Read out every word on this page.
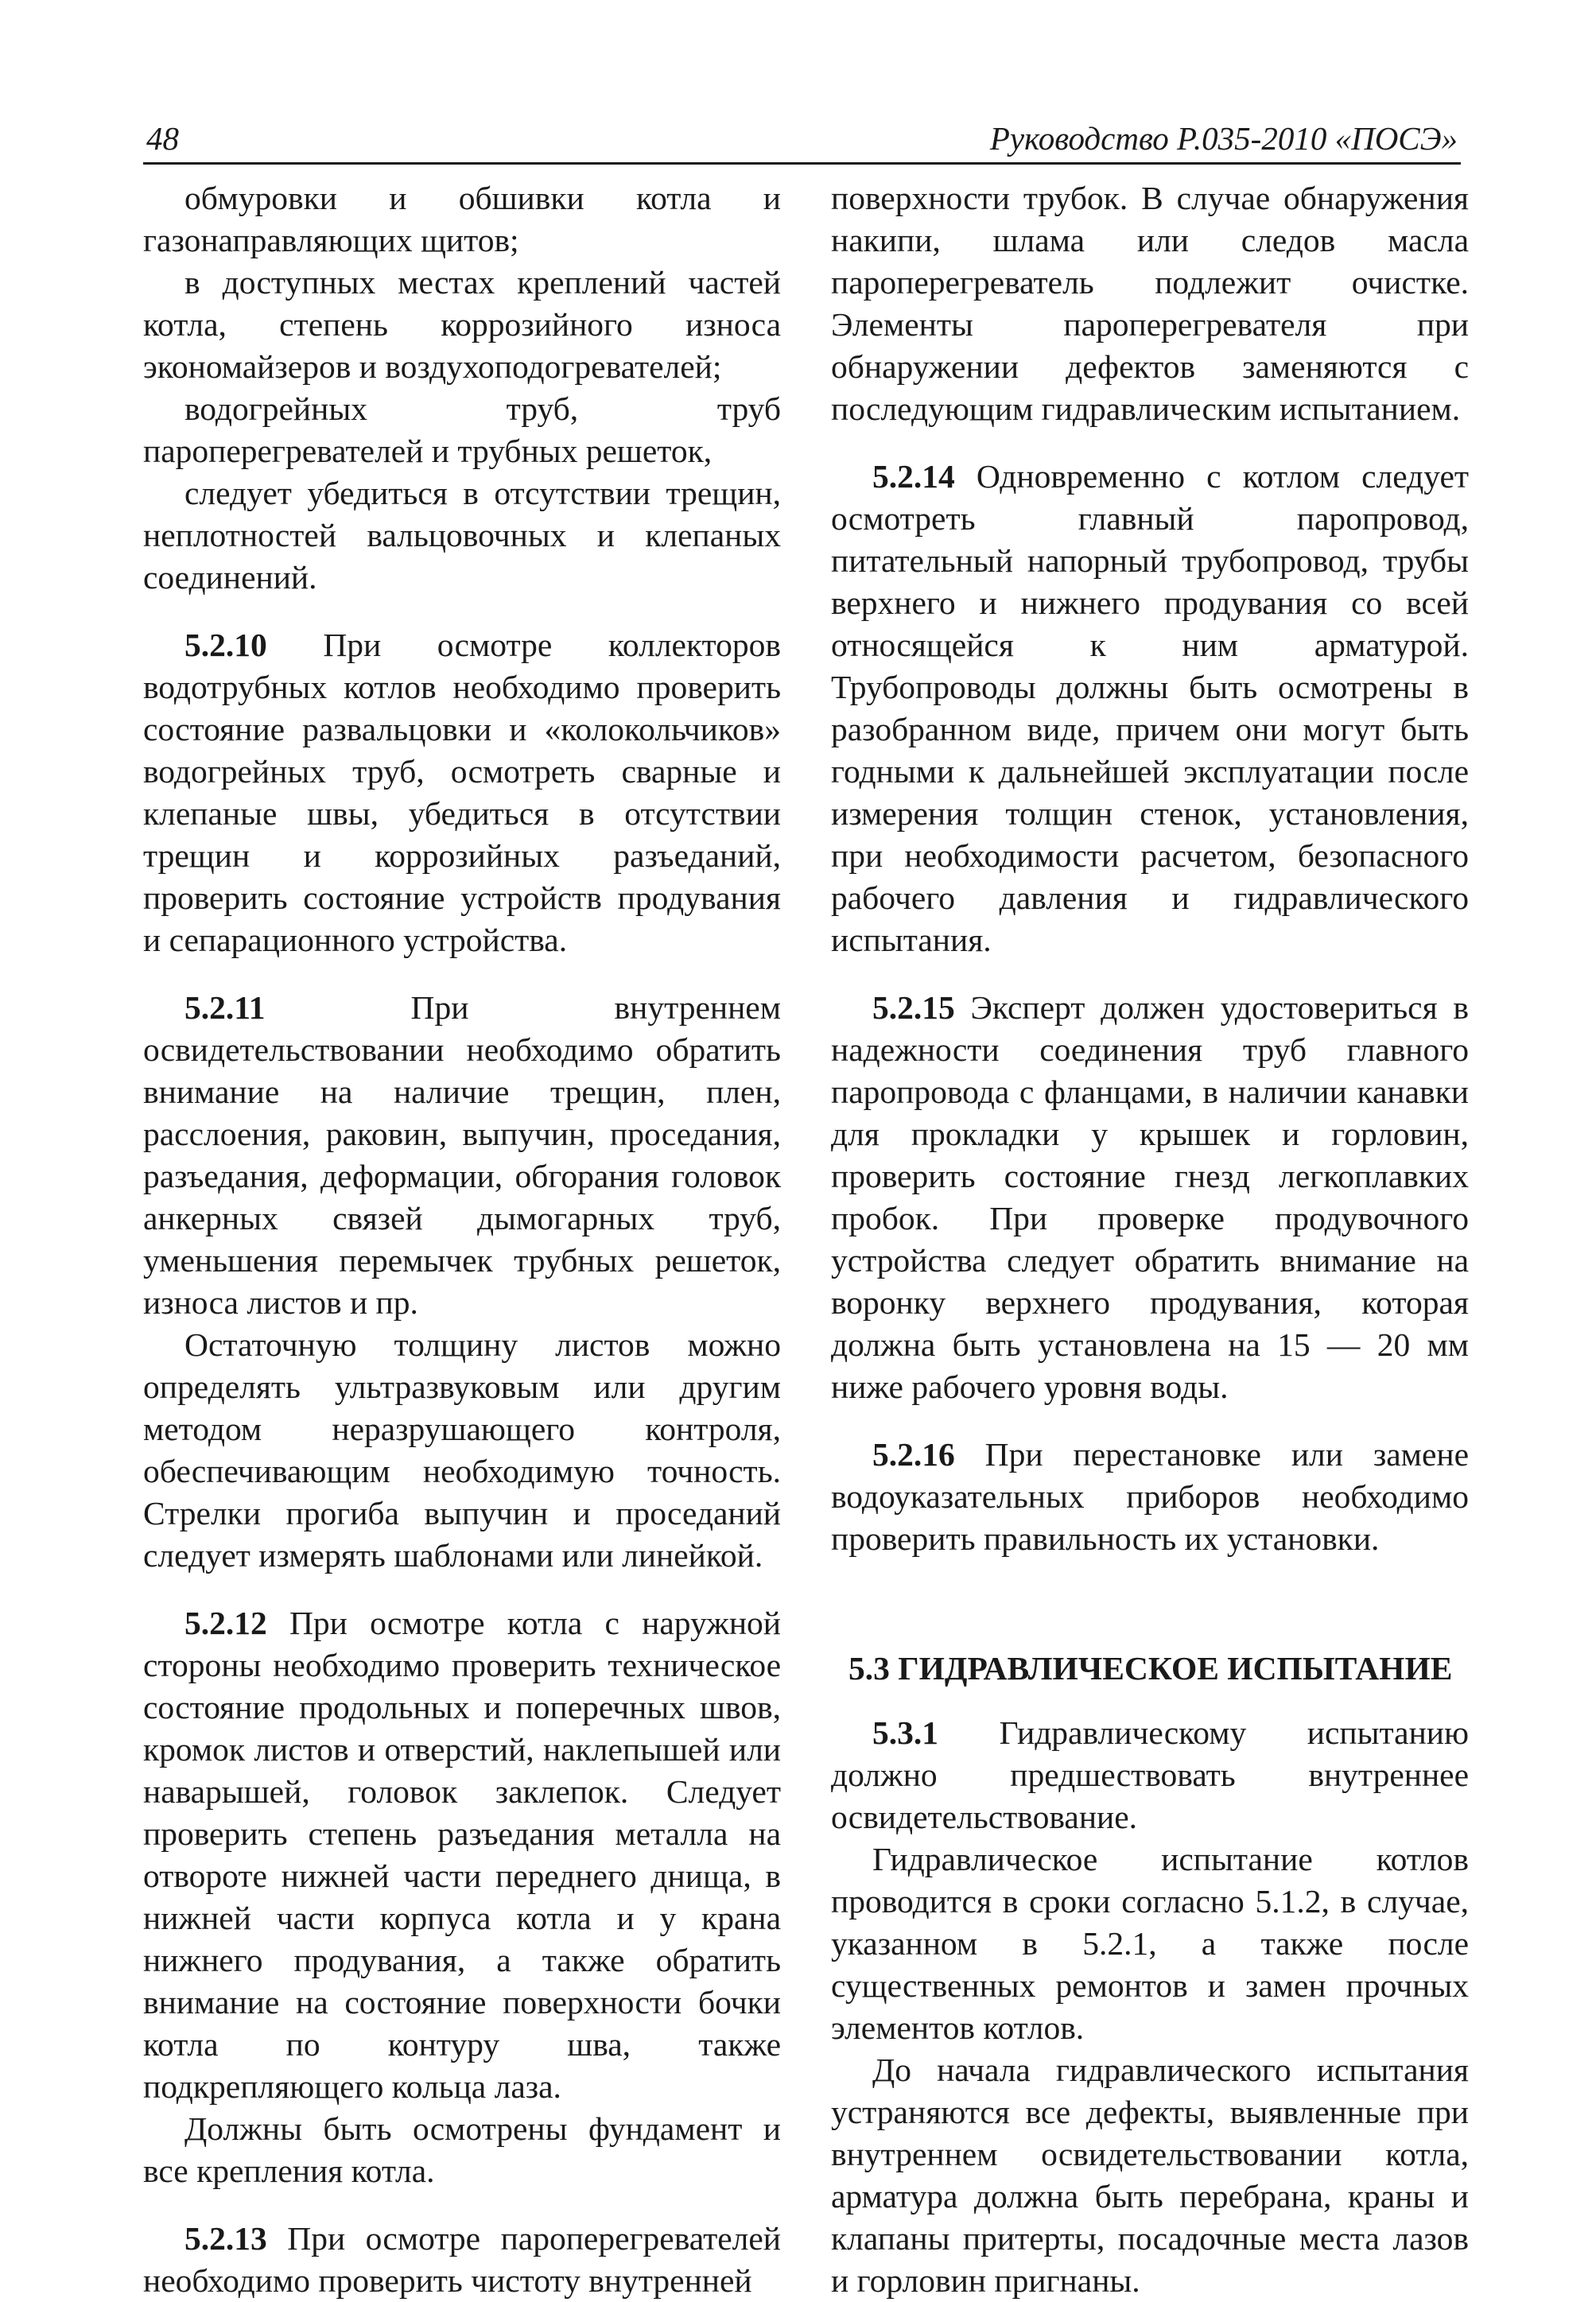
48	Руководство Р.035-2010 «ПОСЭ»

обмуровки и обшивки котла и газонаправляющих щитов;

в доступных местах креплений частей котла, степень коррозийного износа экономайзеров и воздухоподогревателей;

водогрейных труб, труб пароперегревателей и трубных решеток,

следует убедиться в отсутствии трещин, неплотностей вальцовочных и клепаных соединений.

5.2.10 При осмотре коллекторов водотрубных котлов необходимо проверить состояние развальцовки и «колокольчиков» водогрейных труб, осмотреть сварные и клепаные швы, убедиться в отсутствии трещин и коррозийных разъеданий, проверить состояние устройств продувания и сепарационного устройства.

5.2.11 При внутреннем освидетельствовании необходимо обратить внимание на наличие трещин, плен, расслоения, раковин, выпучин, проседания, разъедания, деформации, обгорания головок анкерных связей дымогарных труб, уменьшения перемычек трубных решеток, износа листов и пр.

Остаточную толщину листов можно определять ультразвуковым или другим методом неразрушающего контроля, обеспечивающим необходимую точность. Стрелки прогиба выпучин и проседаний следует измерять шаблонами или линейкой.

5.2.12 При осмотре котла с наружной стороны необходимо проверить техническое состояние продольных и поперечных швов, кромок листов и отверстий, наклепышей или наварышей, головок заклепок. Следует проверить степень разъедания металла на отвороте нижней части переднего днища, в нижней части корпуса котла и у крана нижнего продувания, а также обратить внимание на состояние поверхности бочки котла по контуру шва, также подкрепляющего кольца лаза.

Должны быть осмотрены фундамент и все крепления котла.

5.2.13 При осмотре пароперегревателей необходимо проверить чистоту внутренней

поверхности трубок. В случае обнаружения накипи, шлама или следов масла пароперегреватель подлежит очистке. Элементы пароперегревателя при обнаружении дефектов заменяются с последующим гидравлическим испытанием.

5.2.14 Одновременно с котлом следует осмотреть главный паропровод, питательный напорный трубопровод, трубы верхнего и нижнего продувания со всей относящейся к ним арматурой. Трубопроводы должны быть осмотрены в разобранном виде, причем они могут быть годными к дальнейшей эксплуатации после измерения толщин стенок, установления, при необходимости расчетом, безопасного рабочего давления и гидравлического испытания.

5.2.15 Эксперт должен удостовериться в надежности соединения труб главного паропровода с фланцами, в наличии канавки для прокладки у крышек и горловин, проверить состояние гнезд легкоплавких пробок. При проверке продувочного устройства следует обратить внимание на воронку верхнего продувания, которая должна быть установлена на 15 — 20 мм ниже рабочего уровня воды.

5.2.16 При перестановке или замене водоуказательных приборов необходимо проверить правильность их установки.

5.3 ГИДРАВЛИЧЕСКОЕ ИСПЫТАНИЕ

5.3.1 Гидравлическому испытанию должно предшествовать внутреннее освидетельствование.

Гидравлическое испытание котлов проводится в сроки согласно 5.1.2, в случае, указанном в 5.2.1, а также после существенных ремонтов и замен прочных элементов котлов.

До начала гидравлического испытания устраняются все дефекты, выявленные при внутреннем освидетельствовании котла, арматура должна быть перебрана, краны и клапаны притерты, посадочные места лазов и горловин пригнаны.
